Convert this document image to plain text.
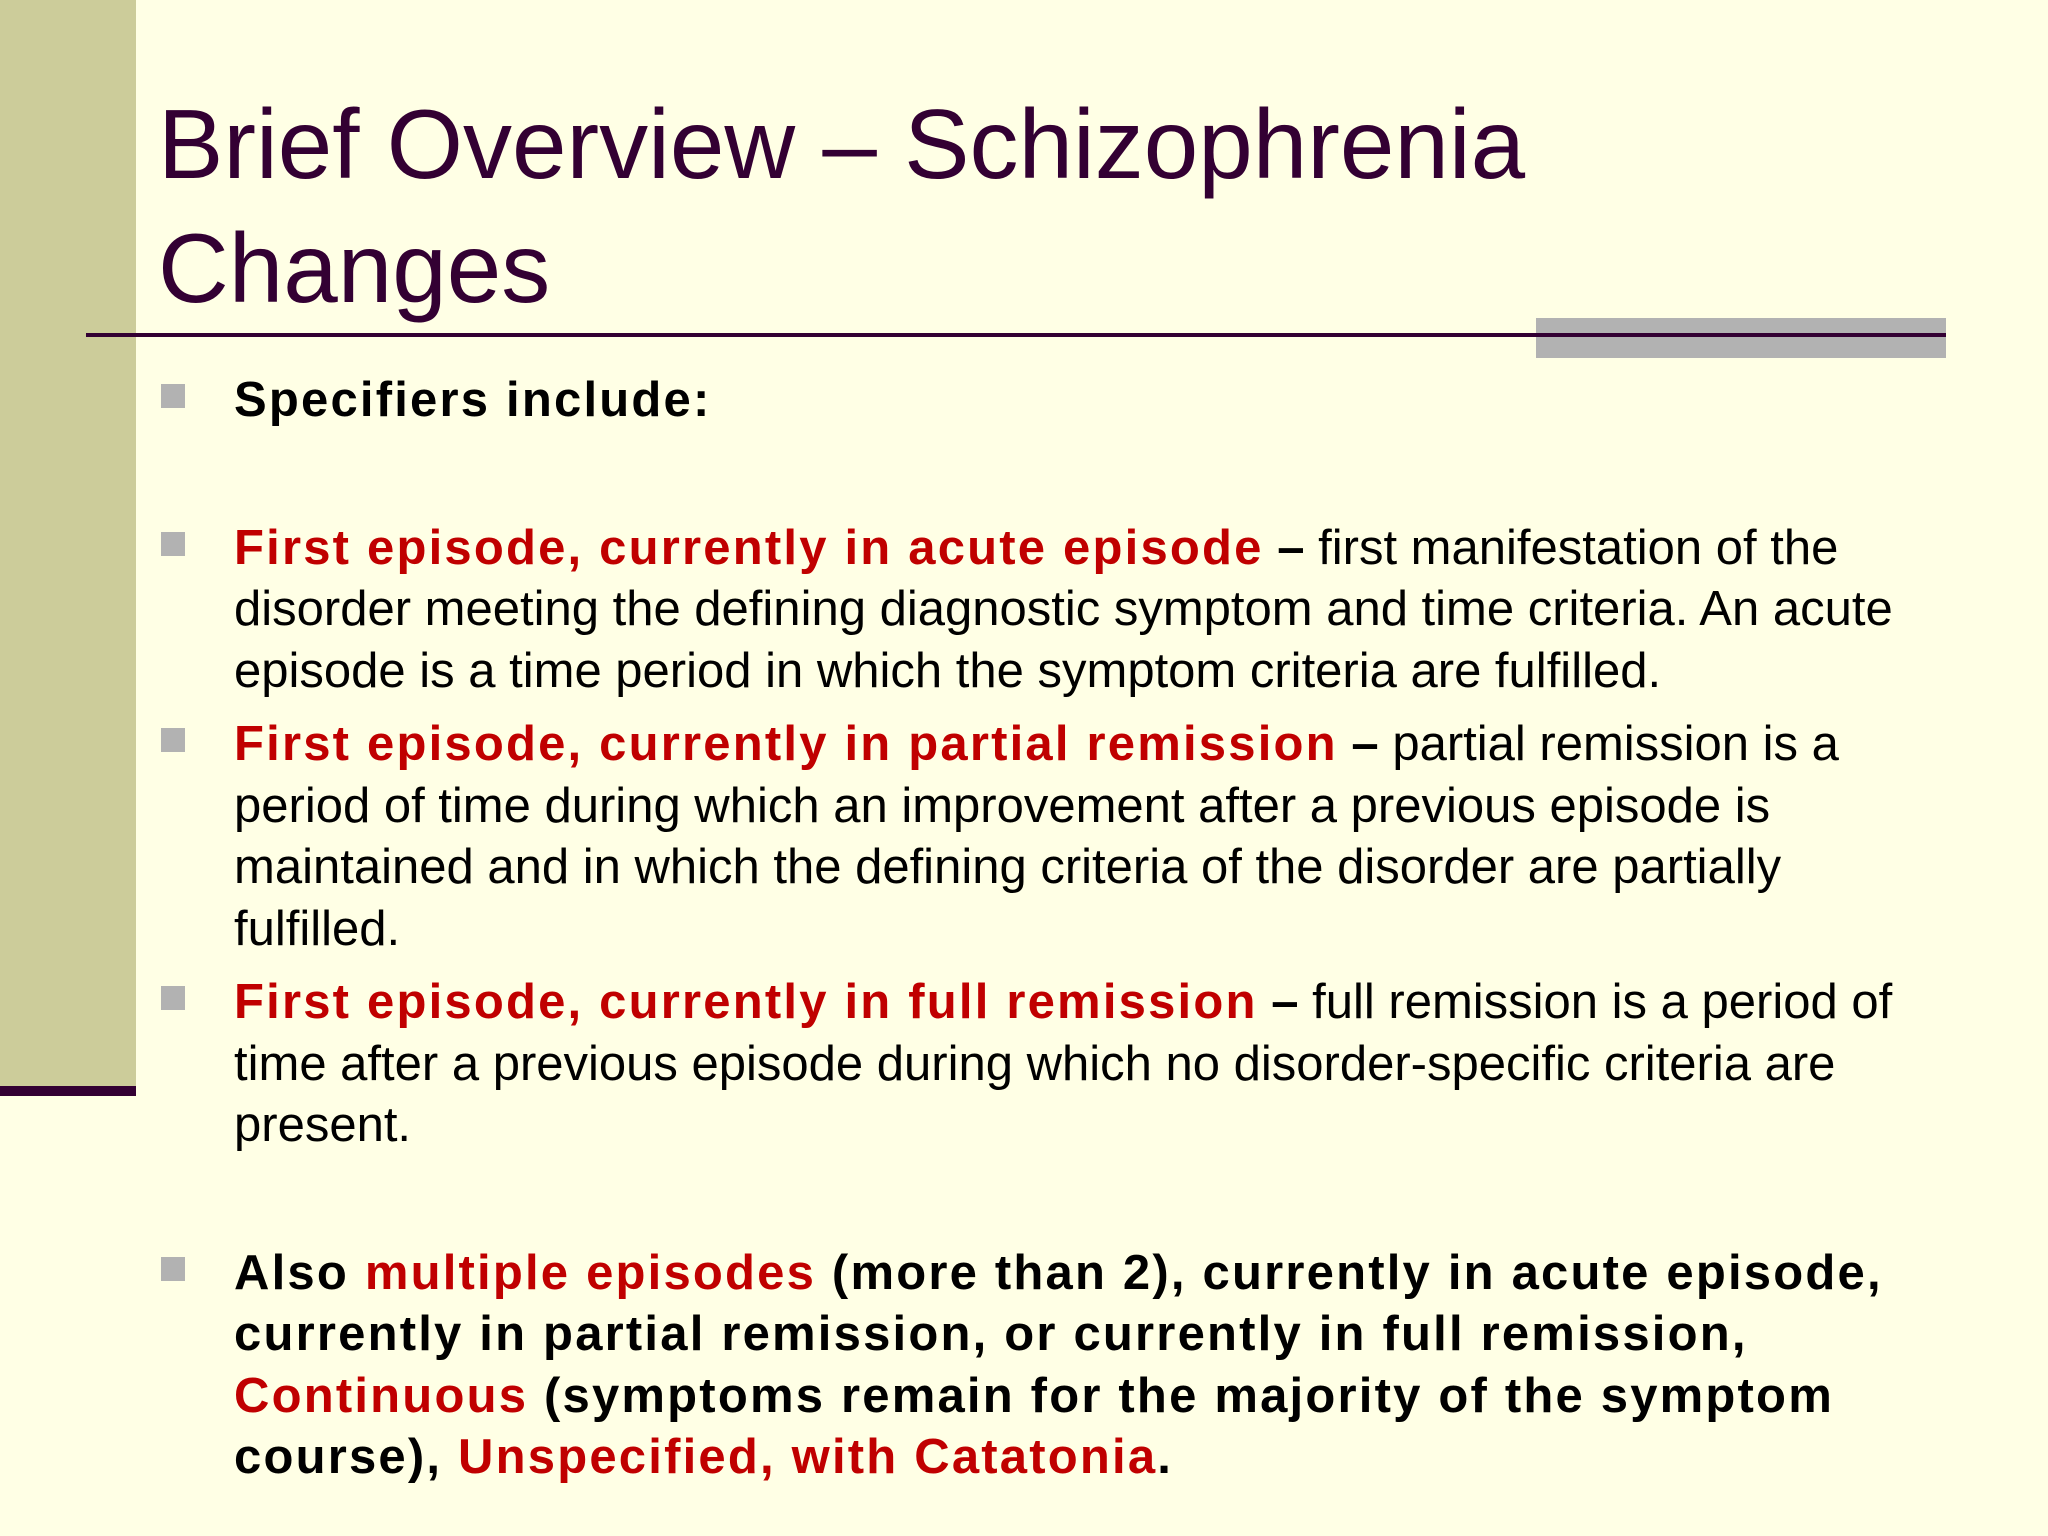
Brief Overview – Schizophrenia
Changes
Specifiers include:
First episode, currently in acute episode – first manifestation of the disorder meeting the defining diagnostic symptom and time criteria. An acute episode is a time period in which the symptom criteria are fulfilled.
First episode, currently in partial remission – partial remission is a period of time during which an improvement after a previous episode is maintained and in which the defining criteria of the disorder are partially fulfilled.
First episode, currently in full remission – full remission is a period of time after a previous episode during which no disorder-specific criteria are present.
Also multiple episodes (more than 2), currently in acute episode, currently in partial remission, or currently in full remission, Continuous (symptoms remain for the majority of the symptom course), Unspecified, with Catatonia.
